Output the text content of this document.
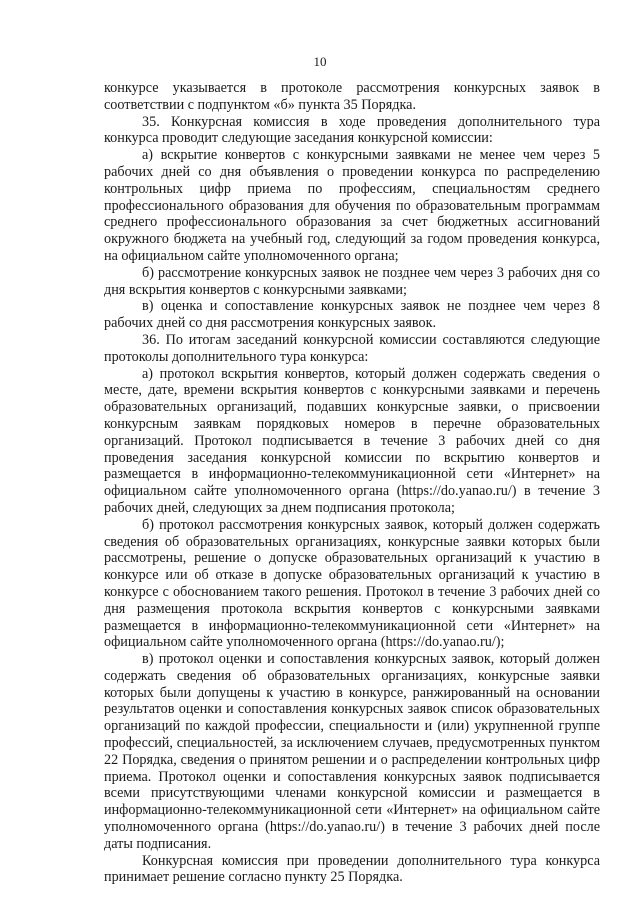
10

конкурсе указывается в протоколе рассмотрения конкурсных заявок в соответствии с подпунктом «б» пункта 35 Порядка.

35. Конкурсная комиссия в ходе проведения дополнительного тура конкурса проводит следующие заседания конкурсной комиссии:

а) вскрытие конвертов с конкурсными заявками не менее чем через 5 рабочих дней со дня объявления о проведении конкурса по распределению контрольных цифр приема по профессиям, специальностям среднего профессионального образования для обучения по образовательным программам среднего профессионального образования за счет бюджетных ассигнований окружного бюджета на учебный год, следующий за годом проведения конкурса, на официальном сайте уполномоченного органа;

б) рассмотрение конкурсных заявок не позднее чем через 3 рабочих дня со дня вскрытия конвертов с конкурсными заявками;

в) оценка и сопоставление конкурсных заявок не позднее чем через 8 рабочих дней со дня рассмотрения конкурсных заявок.

36. По итогам заседаний конкурсной комиссии составляются следующие протоколы дополнительного тура конкурса:

а) протокол вскрытия конвертов, который должен содержать сведения о месте, дате, времени вскрытия конвертов с конкурсными заявками и перечень образовательных организаций, подавших конкурсные заявки, о присвоении конкурсным заявкам порядковых номеров в перечне образовательных организаций. Протокол подписывается в течение 3 рабочих дней со дня проведения заседания конкурсной комиссии по вскрытию конвертов и размещается в информационно-телекоммуникационной сети «Интернет» на официальном сайте уполномоченного органа (https://do.yanao.ru/) в течение 3 рабочих дней, следующих за днем подписания протокола;

б) протокол рассмотрения конкурсных заявок, который должен содержать сведения об образовательных организациях, конкурсные заявки которых были рассмотрены, решение о допуске образовательных организаций к участию в конкурсе или об отказе в допуске образовательных организаций к участию в конкурсе с обоснованием такого решения. Протокол в течение 3 рабочих дней со дня размещения протокола вскрытия конвертов с конкурсными заявками размещается в информационно-телекоммуникационной сети «Интернет» на официальном сайте уполномоченного органа (https://do.yanao.ru/);

в) протокол оценки и сопоставления конкурсных заявок, который должен содержать сведения об образовательных организациях, конкурсные заявки которых были допущены к участию в конкурсе, ранжированный на основании результатов оценки и сопоставления конкурсных заявок список образовательных организаций по каждой профессии, специальности и (или) укрупненной группе профессий, специальностей, за исключением случаев, предусмотренных пунктом 22 Порядка, сведения о принятом решении и о распределении контрольных цифр приема. Протокол оценки и сопоставления конкурсных заявок подписывается всеми присутствующими членами конкурсной комиссии и размещается в информационно-телекоммуникационной сети «Интернет» на официальном сайте уполномоченного органа (https://do.yanao.ru/) в течение 3 рабочих дней после даты подписания.

Конкурсная комиссия при проведении дополнительного тура конкурса принимает решение согласно пункту 25 Порядка.
